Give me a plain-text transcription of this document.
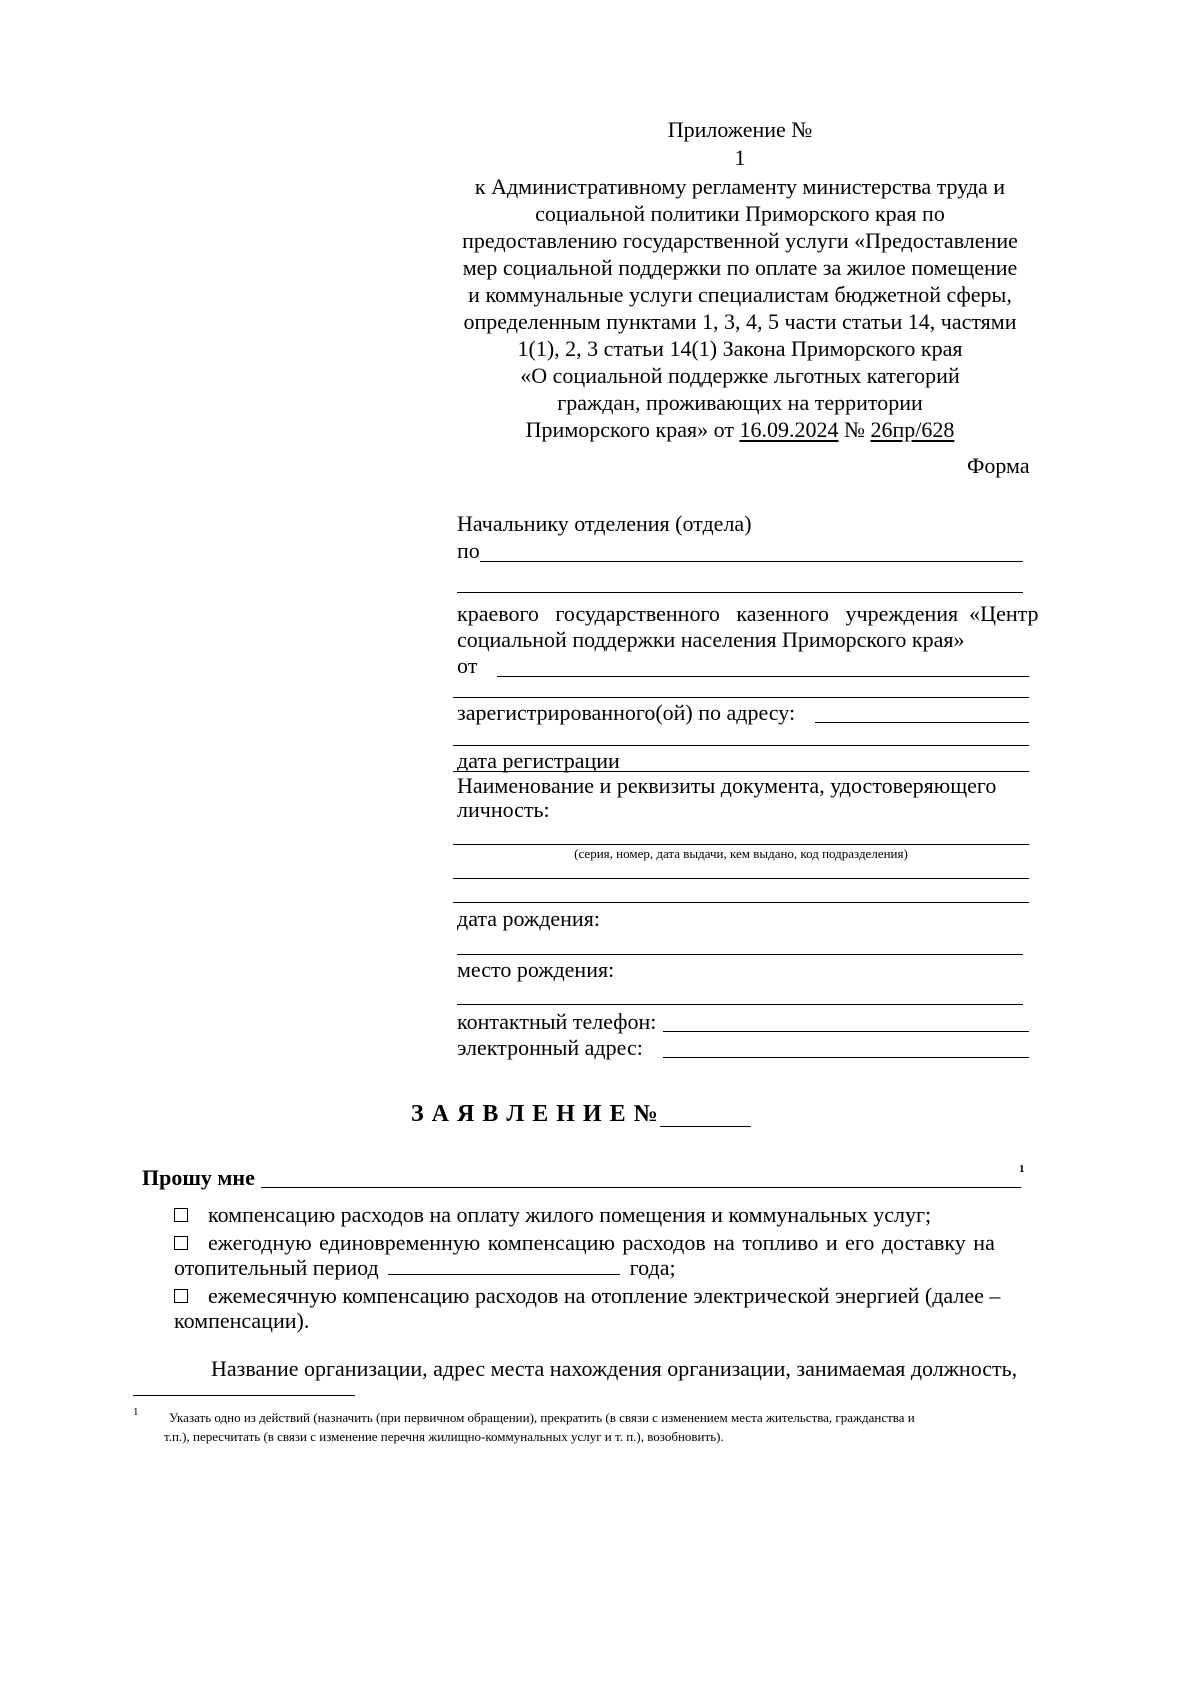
Приложение № 1
к Административному регламенту министерства труда и
социальной политики Приморского края по
предоставлению государственной услуги «Предоставление
мер социальной поддержки по оплате за жилое помещение
и коммунальные услуги специалистам бюджетной сферы,
определенным пунктами 1, 3, 4, 5 части статьи 14, частями
1(1), 2, 3 статьи 14(1) Закона Приморского края
«О социальной поддержке льготных категорий
граждан, проживающих на территории
Приморского края» от 16.09.2024 № 26пр/628
Форма
Начальнику отделения (отдела)
по
краевого   государственного   казенного   учреждения  «Центр
социальной поддержки населения Приморского края»
от
зарегистрированного(ой) по адресу:
дата регистрации
Наименование и реквизиты документа, удостоверяющего
личность:
(серия, номер, дата выдачи, кем выдано, код подразделения)
дата рождения:
место рождения:
контактный телефон:
электронный адрес:
З А Я В Л Е Н И Е №
Прошу мне	1
компенсацию расходов на оплату жилого помещения и коммунальных услуг;
ежегодную единовременную компенсацию расходов на топливо и его доставку на
отопительный период	года;
ежемесячную компенсацию расходов на отопление электрической энергией (далее –
компенсации).
Название организации, адрес места нахождения организации, занимаемая должность,
1	Указать одно из действий (назначить (при первичном обращении), прекратить (в связи с изменением места жительства, гражданства и
т.п.), пересчитать (в связи с изменение перечня жилищно-коммунальных услуг и т. п.), возобновить).
